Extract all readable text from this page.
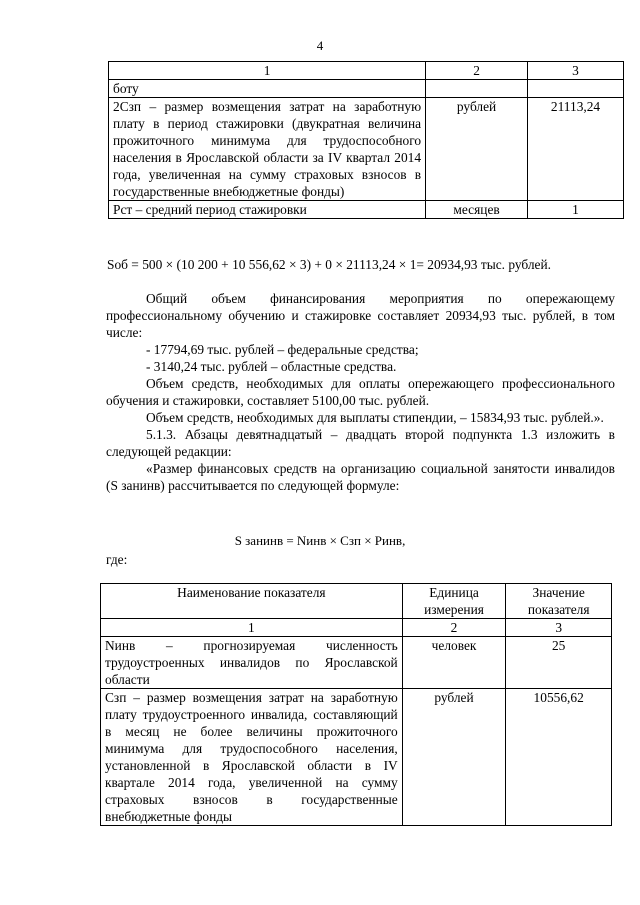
4
1	2	3
боту		
2Сзп – размер возмещения затрат на заработную плату в период стажировки (двукратная величина прожиточного минимума для трудоспособного населения в Ярославской области за IV квартал 2014 года, увеличенная на сумму страховых взносов в государственные внебюджетные фонды)	рублей	21113,24
Рст – средний период стажировки	месяцев	1
Sоб = 500 × (10 200 + 10 556,62 × 3) + 0 × 21113,24 × 1= 20934,93 тыс. рублей.
Общий объем финансирования мероприятия по опережающему профессиональному обучению и стажировке составляет 20934,93 тыс. рублей, в том числе:
- 17794,69 тыс. рублей – федеральные средства;
- 3140,24 тыс. рублей – областные средства.
Объем средств, необходимых для оплаты опережающего профессионального обучения и стажировки, составляет 5100,00 тыс. рублей.
Объем средств, необходимых для выплаты стипендии, – 15834,93 тыс. рублей.».
5.1.3. Абзацы девятнадцатый – двадцать второй подпункта 1.3 изложить в следующей редакции:
«Размер финансовых средств на организацию социальной занятости инвалидов (S занинв) рассчитывается по следующей формуле:
S занинв = Nинв × Сзп × Ринв,
где:
Наименование показателя	Единица измерения	Значение показателя
1	2	3
Nинв – прогнозируемая численность трудоустроенных инвалидов по Ярославской области	человек	25
Сзп – размер возмещения затрат на заработную плату трудоустроенного инвалида, составляющий в месяц не более величины прожиточного минимума для трудоспособного населения, установленной в Ярославской области в IV квартале 2014 года, увеличенной на сумму страховых взносов в государственные внебюджетные фонды	рублей	10556,62
